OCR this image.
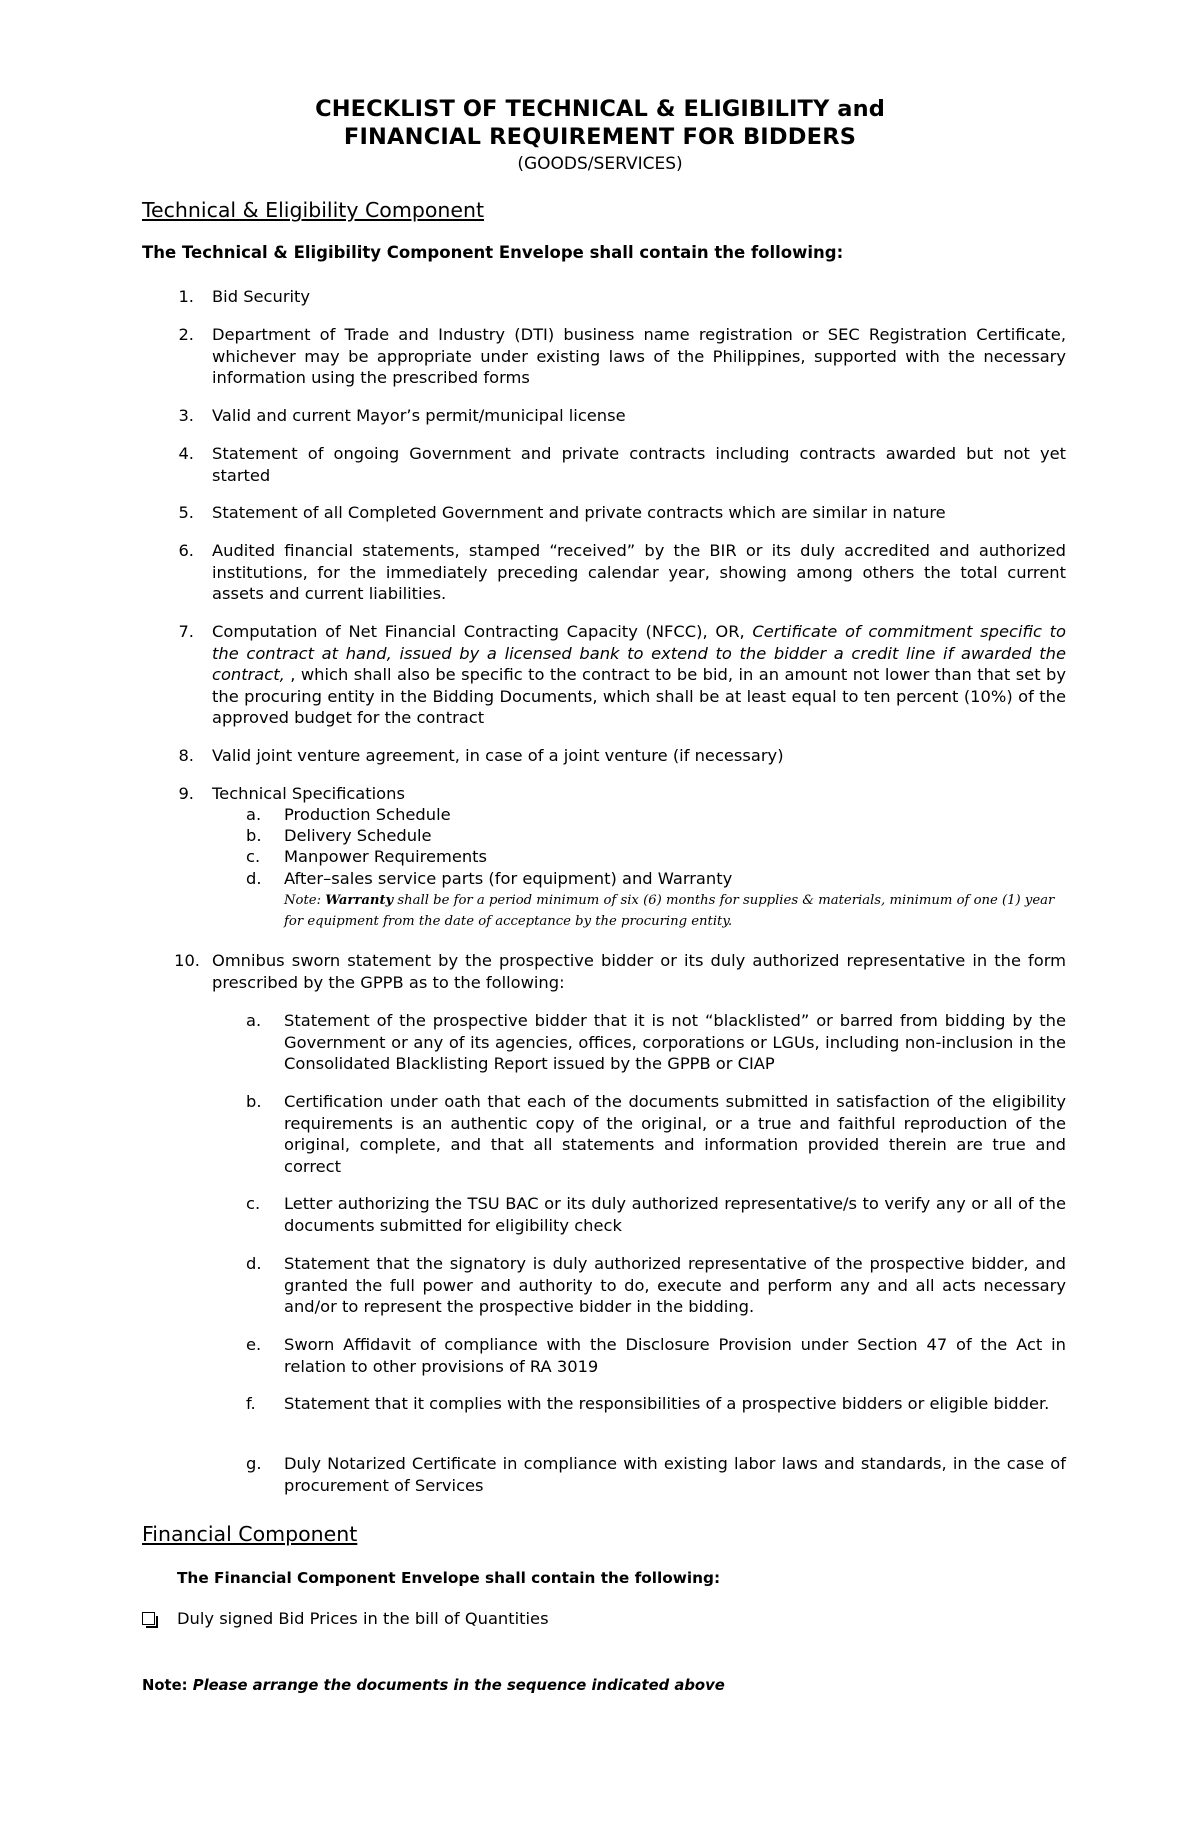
CHECKLIST OF TECHNICAL & ELIGIBILITY and
FINANCIAL REQUIREMENT FOR BIDDERS
(GOODS/SERVICES)
Technical & Eligibility Component
The Technical & Eligibility Component Envelope shall contain the following:
1. Bid Security
2. Department of Trade and Industry (DTI) business name registration or SEC Registration Certificate, whichever may be appropriate under existing laws of the Philippines, supported with the necessary information using the prescribed forms
3. Valid and current Mayor’s permit/municipal license
4. Statement of ongoing Government and private contracts including contracts awarded but not yet started
5. Statement of all Completed Government and private contracts which are similar in nature
6. Audited financial statements, stamped “received” by the BIR or its duly accredited and authorized institutions, for the immediately preceding calendar year, showing among others the total current assets and current liabilities.
7. Computation of Net Financial Contracting Capacity (NFCC), OR, Certificate of commitment specific to the contract at hand, issued by a licensed bank to extend to the bidder a credit line if awarded the contract, , which shall also be specific to the contract to be bid, in an amount not lower than that set by the procuring entity in the Bidding Documents, which shall be at least equal to ten percent (10%) of the approved budget for the contract
8. Valid joint venture agreement, in case of a joint venture (if necessary)
9. Technical Specifications
a. Production Schedule
b. Delivery Schedule
c. Manpower Requirements
d. After–sales service parts (for equipment) and Warranty
Note: Warranty shall be for a period minimum of six (6) months for supplies & materials, minimum of one (1) year for equipment from the date of acceptance by the procuring entity.
10. Omnibus sworn statement by the prospective bidder or its duly authorized representative in the form prescribed by the GPPB as to the following:
a. Statement of the prospective bidder that it is not “blacklisted” or barred from bidding by the Government or any of its agencies, offices, corporations or LGUs, including non-inclusion in the Consolidated Blacklisting Report issued by the GPPB or CIAP
b. Certification under oath that each of the documents submitted in satisfaction of the eligibility requirements is an authentic copy of the original, or a true and faithful reproduction of the original, complete, and that all statements and information provided therein are true and correct
c. Letter authorizing the TSU BAC or its duly authorized representative/s to verify any or all of the documents submitted for eligibility check
d. Statement that the signatory is duly authorized representative of the prospective bidder, and granted the full power and authority to do, execute and perform any and all acts necessary and/or to represent the prospective bidder in the bidding.
e. Sworn Affidavit of compliance with the Disclosure Provision under Section 47 of the Act in relation to other provisions of RA 3019
f. Statement that it complies with the responsibilities of a prospective bidders or eligible bidder.
g. Duly Notarized Certificate in compliance with existing labor laws and standards, in the case of procurement of Services
Financial Component
The Financial Component Envelope shall contain the following:
Duly signed Bid Prices in the bill of Quantities
Note: Please arrange the documents in the sequence indicated above
